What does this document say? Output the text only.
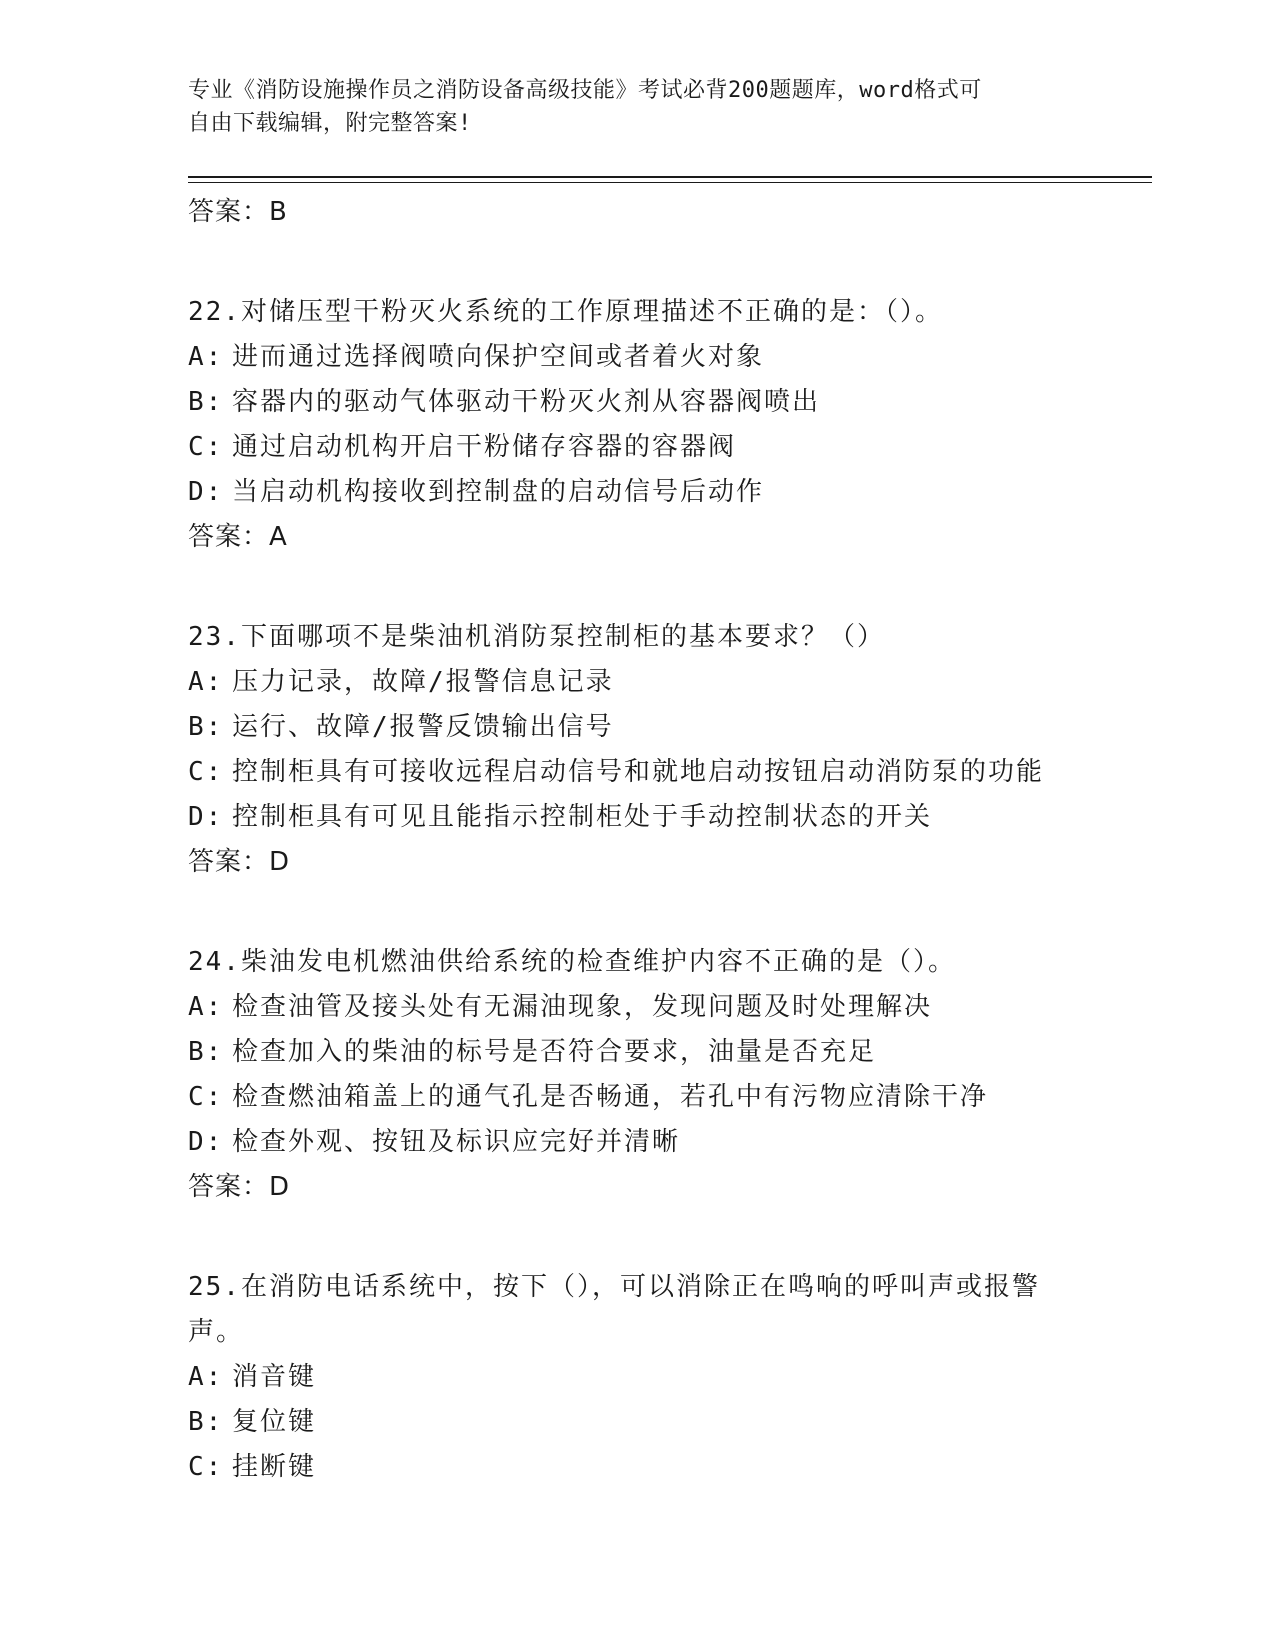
专业《消防设施操作员之消防设备高级技能》考试必背200题题库，word格式可
自由下载编辑，附完整答案!
答案：B
22.对储压型干粉灭火系统的工作原理描述不正确的是：（）。
A: 进而通过选择阀喷向保护空间或者着火对象
B: 容器内的驱动气体驱动干粉灭火剂从容器阀喷出
C: 通过启动机构开启干粉储存容器的容器阀
D: 当启动机构接收到控制盘的启动信号后动作
答案：A
23.下面哪项不是柴油机消防泵控制柜的基本要求？（）
A: 压力记录，故障/报警信息记录
B: 运行、故障/报警反馈输出信号
C: 控制柜具有可接收远程启动信号和就地启动按钮启动消防泵的功能
D: 控制柜具有可见且能指示控制柜处于手动控制状态的开关
答案：D
24.柴油发电机燃油供给系统的检查维护内容不正确的是（）。
A: 检查油管及接头处有无漏油现象，发现问题及时处理解决
B: 检查加入的柴油的标号是否符合要求，油量是否充足
C: 检查燃油箱盖上的通气孔是否畅通，若孔中有污物应清除干净
D: 检查外观、按钮及标识应完好并清晰
答案：D
25.在消防电话系统中，按下（），可以消除正在鸣响的呼叫声或报警声。
A: 消音键
B: 复位键
C: 挂断键
